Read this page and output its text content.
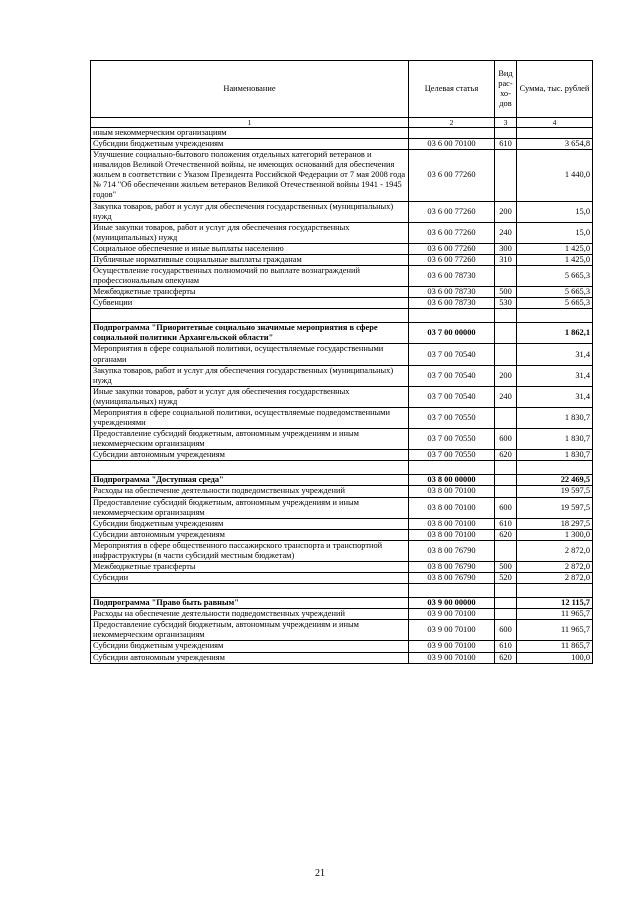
Наименование	Целевая статья	Вид рас- хо- дов	Сумма, тыс. рублей
1	2	3	4
иным некоммерческим организациям			
Субсидии бюджетным учреждениям	03 6 00 70100	610	3 654,8
Улучшение социально-бытового положения отдельных категорий ветеранов и инвалидов Великой Отечественной войны, не имеющих оснований для обеспечения жильем в соответствии с Указом Президента Российской Федерации от 7 мая 2008 года № 714 "Об обеспечении жильем ветеранов Великой Отечественной войны 1941 - 1945 годов"	03 6 00 77260		1 440,0
Закупка товаров, работ и услуг для обеспечения государственных (муниципальных) нужд	03 6 00 77260	200	15,0
Иные закупки товаров, работ и услуг для обеспечения государственных (муниципальных) нужд	03 6 00 77260	240	15,0
Социальное обеспечение и иные выплаты населению	03 6 00 77260	300	1 425,0
Публичные нормативные социальные выплаты гражданам	03 6 00 77260	310	1 425,0
Осуществление государственных полномочий по выплате вознаграждений профессиональным опекунам	03 6 00 78730		5 665,3
Межбюджетные трансферты	03 6 00 78730	500	5 665,3
Субвенции	03 6 00 78730	530	5 665,3

Подпрограмма "Приоритетные социально значимые мероприятия в сфере социальной политики Архангельской области"	03 7 00 00000		1 862,1
Мероприятия в сфере социальной политики, осуществляемые государственными органами	03 7 00 70540		31,4
Закупка товаров, работ и услуг для обеспечения государственных (муниципальных) нужд	03 7 00 70540	200	31,4
Иные закупки товаров, работ и услуг для обеспечения государственных (муниципальных) нужд	03 7 00 70540	240	31,4
Мероприятия в сфере социальной политики, осуществляемые подведомственными учреждениями	03 7 00 70550		1 830,7
Предоставление субсидий бюджетным, автономным учреждениям и иным некоммерческим организациям	03 7 00 70550	600	1 830,7
Субсидии автономным учреждениям	03 7 00 70550	620	1 830,7

Подпрограмма "Доступная среда"	03 8 00 00000		22 469,5
Расходы на обеспечение деятельности подведомственных учреждений	03 8 00 70100		19 597,5
Предоставление субсидий бюджетным, автономным учреждениям и иным некоммерческим организациям	03 8 00 70100	600	19 597,5
Субсидии бюджетным учреждениям	03 8 00 70100	610	18 297,5
Субсидии автономным учреждениям	03 8 00 70100	620	1 300,0
Мероприятия в сфере общественного пассажирского транспорта и транспортной инфраструктуры (в части субсидий местным бюджетам)	03 8 00 76790		2 872,0
Межбюджетные трансферты	03 8 00 76790	500	2 872,0
Субсидии	03 8 00 76790	520	2 872,0

Подпрограмма "Право быть равным"	03 9 00 00000		12 115,7
Расходы на обеспечение деятельности подведомственных учреждений	03 9 00 70100		11 965,7
Предоставление субсидий бюджетным, автономным учреждениям и иным некоммерческим организациям	03 9 00 70100	600	11 965,7
Субсидии бюджетным учреждениям	03 9 00 70100	610	11 865,7
Субсидии автономным учреждениям	03 9 00 70100	620	100,0
21
